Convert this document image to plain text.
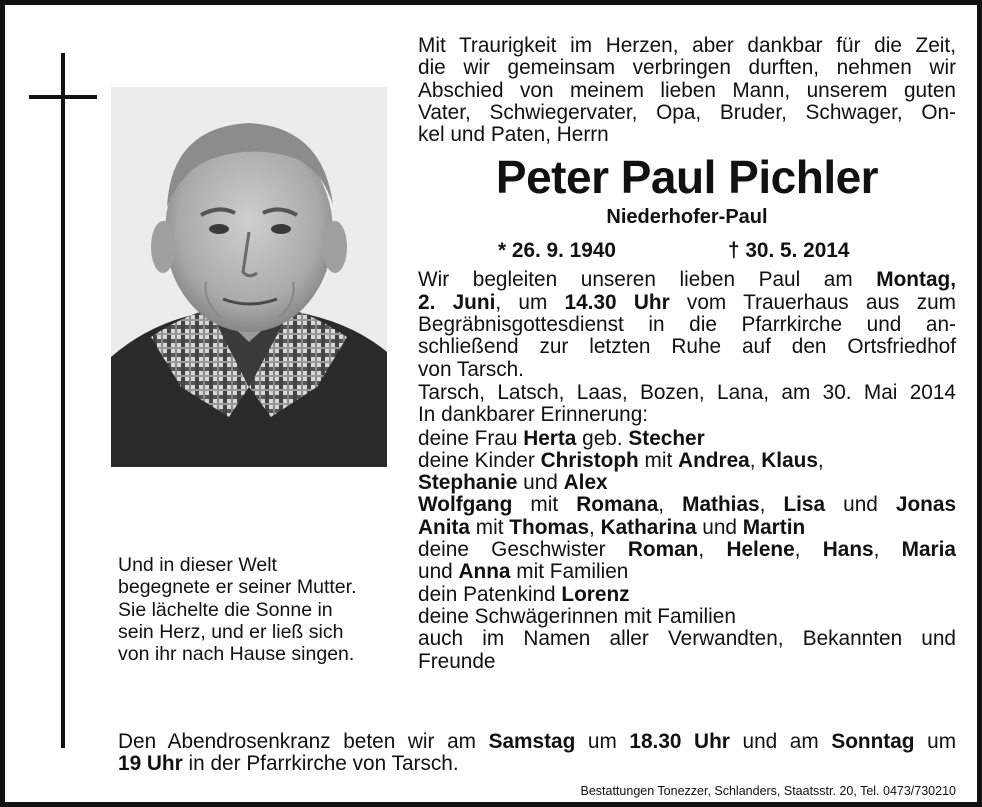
Und in dieser Welt
begegnete er seiner Mutter.
Sie lächelte die Sonne in
sein Herz, und er ließ sich
von ihr nach Hause singen.
Mit Traurigkeit im Herzen, aber dankbar für die Zeit,
die wir gemeinsam verbringen durften, nehmen wir
Abschied von meinem lieben Mann, unserem guten
Vater, Schwiegervater, Opa, Bruder, Schwager, On-
kel und Paten, Herrn
Peter Paul Pichler
Niederhofer-Paul
* 26. 9. 1940	† 30. 5. 2014
Wir begleiten unseren lieben Paul am Montag,
2. Juni, um 14.30 Uhr vom Trauerhaus aus zum
Begräbnisgottesdienst in die Pfarrkirche und an-
schließend zur letzten Ruhe auf den Ortsfriedhof
von Tarsch.
Tarsch, Latsch, Laas, Bozen, Lana, am 30. Mai 2014
In dankbarer Erinnerung:
deine Frau Herta geb. Stecher
deine Kinder Christoph mit Andrea, Klaus,
Stephanie und Alex
Wolfgang mit Romana, Mathias, Lisa und Jonas
Anita mit Thomas, Katharina und Martin
deine Geschwister Roman, Helene, Hans, Maria
und Anna mit Familien
dein Patenkind Lorenz
deine Schwägerinnen mit Familien
auch im Namen aller Verwandten, Bekannten und
Freunde
Den Abendrosenkranz beten wir am Samstag um 18.30 Uhr und am Sonntag um
19 Uhr in der Pfarrkirche von Tarsch.
Bestattungen Tonezzer, Schlanders, Staatsstr. 20, Tel. 0473/730210
